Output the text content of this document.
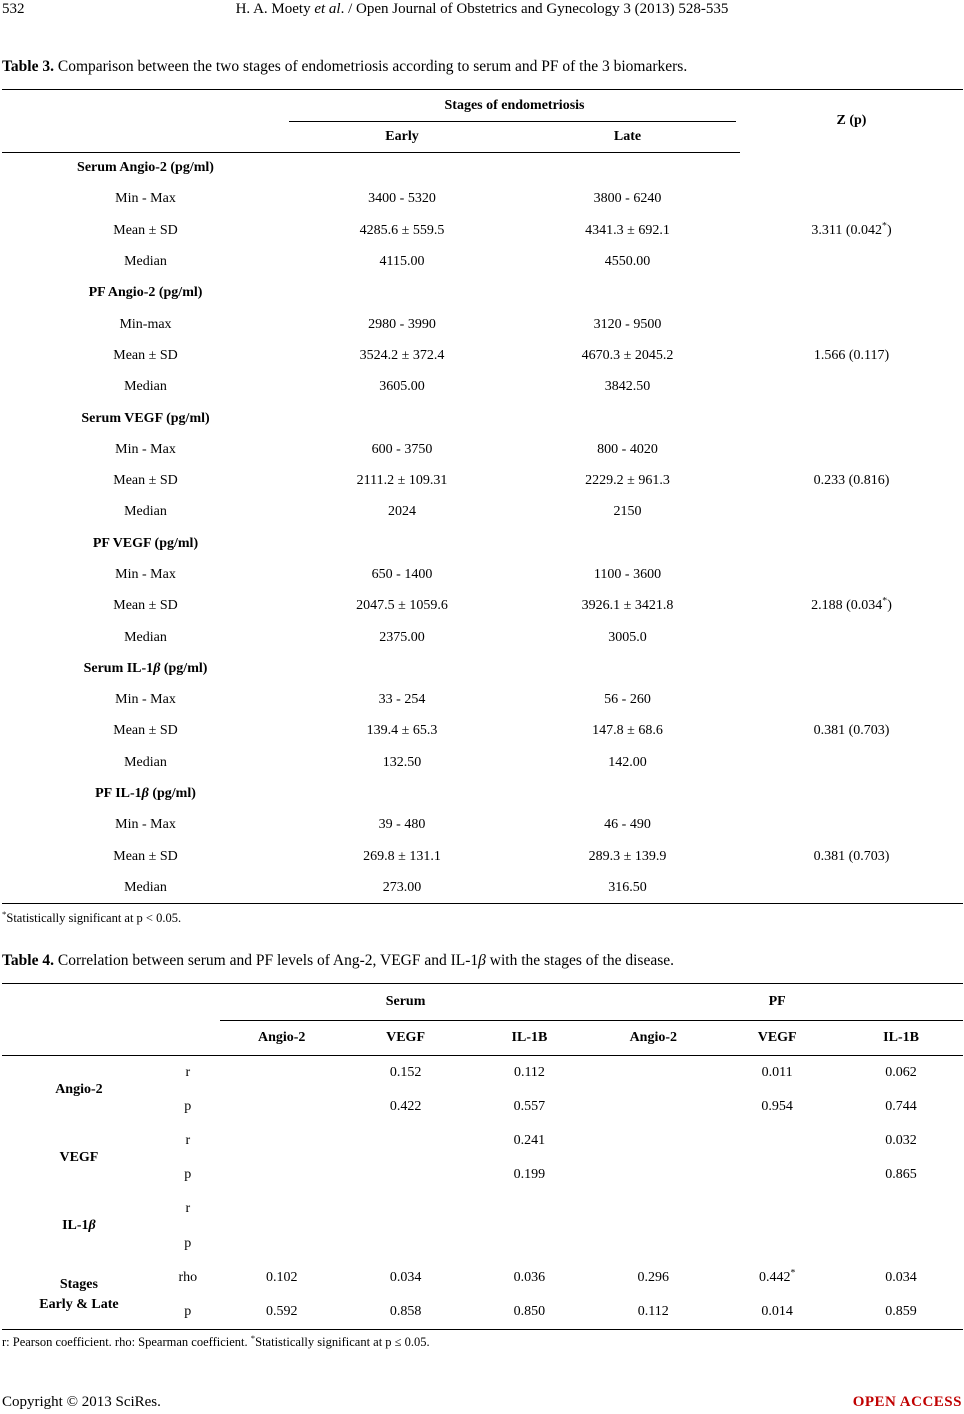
532	H. A. Moety et al. / Open Journal of Obstetrics and Gynecology 3 (2013) 528-535
Table 3. Comparison between the two stages of endometriosis according to serum and PF of the 3 biomarkers.
	Stages of endometriosis		Z (p)
	Early	Late	
Serum Angio-2 (pg/ml)			
Min - Max	3400 - 5320	3800 - 6240	
Mean ± SD	4285.6 ± 559.5	4341.3 ± 692.1	3.311 (0.042*)
Median	4115.00	4550.00	
PF Angio-2 (pg/ml)			
Min-max	2980 - 3990	3120 - 9500	
Mean ± SD	3524.2 ± 372.4	4670.3 ± 2045.2	1.566 (0.117)
Median	3605.00	3842.50	
Serum VEGF (pg/ml)			
Min - Max	600 - 3750	800 - 4020	
Mean ± SD	2111.2 ± 109.31	2229.2 ± 961.3	0.233 (0.816)
Median	2024	2150	
PF VEGF (pg/ml)			
Min - Max	650 - 1400	1100 - 3600	
Mean ± SD	2047.5 ± 1059.6	3926.1 ± 3421.8	2.188 (0.034*)
Median	2375.00	3005.0	
Serum IL-1β (pg/ml)			
Min - Max	33 - 254	56 - 260	
Mean ± SD	139.4 ± 65.3	147.8 ± 68.6	0.381 (0.703)
Median	132.50	142.00	
PF IL-1β (pg/ml)			
Min - Max	39 - 480	46 - 490	
Mean ± SD	269.8 ± 131.1	289.3 ± 139.9	0.381 (0.703)
Median	273.00	316.50	
*Statistically significant at p < 0.05.
Table 4. Correlation between serum and PF levels of Ang-2, VEGF and IL-1β with the stages of the disease.
		Serum			PF		
		Angio-2	VEGF	IL-1B	Angio-2	VEGF	IL-1B
Angio-2	r		0.152	0.112		0.011	0.062
	p		0.422	0.557		0.954	0.744
VEGF	r			0.241			0.032
	p			0.199			0.865
IL-1β	r						
	p						

Stages
Early & Late	rho	0.102	0.034	0.036	0.296	0.442*	0.034
	p	0.592	0.858	0.850	0.112	0.014	0.859
r: Pearson coefficient. rho: Spearman coefficient. *Statistically significant at p ≤ 0.05.
Copyright © 2013 SciRes.	OPEN ACCESS
